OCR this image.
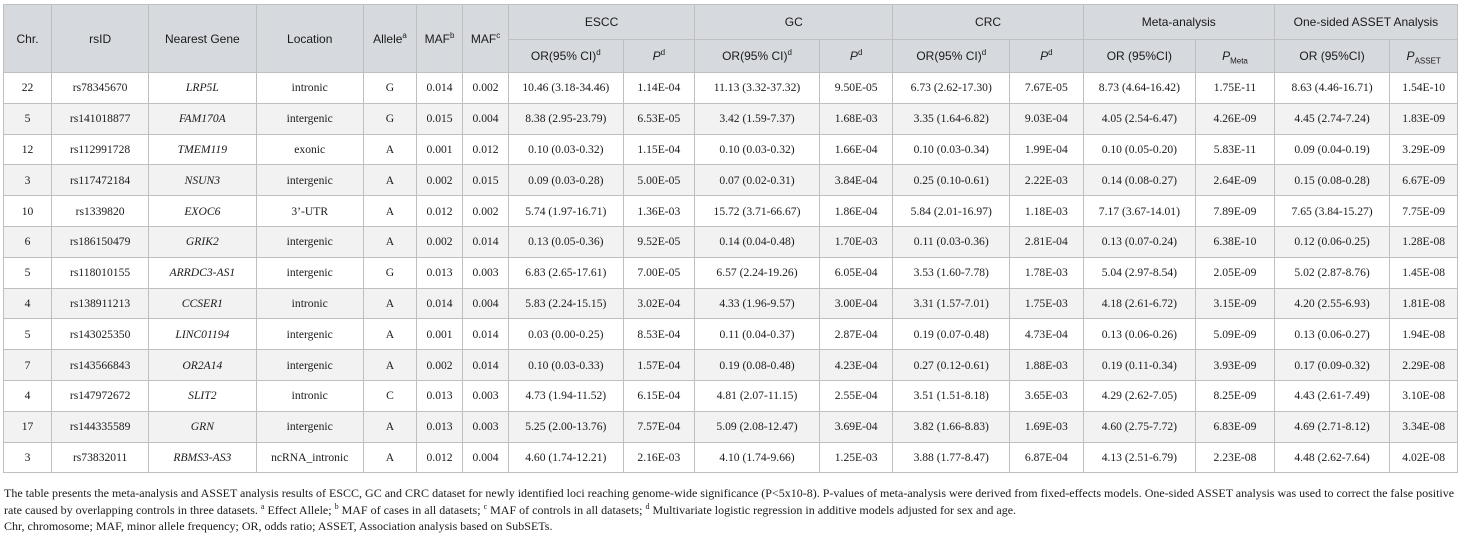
Chr.	rsID	Nearest Gene	Location	Allele$^a$	MAF$^b$	MAF$^c$	ESCC		GC		CRC		Meta-analysis		One-sided ASSET Analysis	
							OR(95% CI)$^d$	$P^d$	OR(95% CI)$^d$	$P^d$	OR(95% CI)$^d$	$P^d$	OR (95%CI)	$P_{Meta}$	OR (95%CI)	$P_{ASSET}$
22	rs78345670	LRP5L	intronic	G	0.014	0.002	10.46 (3.18-34.46)	1.14E-04	11.13 (3.32-37.32)	9.50E-05	6.73 (2.62-17.30)	7.67E-05	8.73 (4.64-16.42)	1.75E-11	8.63 (4.46-16.71)	1.54E-10
5	rs141018877	FAM170A	intergenic	G	0.015	0.004	8.38 (2.95-23.79)	6.53E-05	3.42 (1.59-7.37)	1.68E-03	3.35 (1.64-6.82)	9.03E-04	4.05 (2.54-6.47)	4.26E-09	4.45 (2.74-7.24)	1.83E-09
12	rs112991728	TMEM119	exonic	A	0.001	0.012	0.10 (0.03-0.32)	1.15E-04	0.10 (0.03-0.32)	1.66E-04	0.10 (0.03-0.34)	1.99E-04	0.10 (0.05-0.20)	5.83E-11	0.09 (0.04-0.19)	3.29E-09
3	rs117472184	NSUN3	intergenic	A	0.002	0.015	0.09 (0.03-0.28)	5.00E-05	0.07 (0.02-0.31)	3.84E-04	0.25 (0.10-0.61)	2.22E-03	0.14 (0.08-0.27)	2.64E-09	0.15 (0.08-0.28)	6.67E-09
10	rs1339820	EXOC6	3’-UTR	A	0.012	0.002	5.74 (1.97-16.71)	1.36E-03	15.72 (3.71-66.67)	1.86E-04	5.84 (2.01-16.97)	1.18E-03	7.17 (3.67-14.01)	7.89E-09	7.65 (3.84-15.27)	7.75E-09
6	rs186150479	GRIK2	intergenic	A	0.002	0.014	0.13 (0.05-0.36)	9.52E-05	0.14 (0.04-0.48)	1.70E-03	0.11 (0.03-0.36)	2.81E-04	0.13 (0.07-0.24)	6.38E-10	0.12 (0.06-0.25)	1.28E-08
5	rs118010155	ARRDC3-AS1	intergenic	G	0.013	0.003	6.83 (2.65-17.61)	7.00E-05	6.57 (2.24-19.26)	6.05E-04	3.53 (1.60-7.78)	1.78E-03	5.04 (2.97-8.54)	2.05E-09	5.02 (2.87-8.76)	1.45E-08
4	rs138911213	CCSER1	intronic	A	0.014	0.004	5.83 (2.24-15.15)	3.02E-04	4.33 (1.96-9.57)	3.00E-04	3.31 (1.57-7.01)	1.75E-03	4.18 (2.61-6.72)	3.15E-09	4.20 (2.55-6.93)	1.81E-08
5	rs143025350	LINC01194	intergenic	A	0.001	0.014	0.03 (0.00-0.25)	8.53E-04	0.11 (0.04-0.37)	2.87E-04	0.19 (0.07-0.48)	4.73E-04	0.13 (0.06-0.26)	5.09E-09	0.13 (0.06-0.27)	1.94E-08
7	rs143566843	OR2A14	intergenic	A	0.002	0.014	0.10 (0.03-0.33)	1.57E-04	0.19 (0.08-0.48)	4.23E-04	0.27 (0.12-0.61)	1.88E-03	0.19 (0.11-0.34)	3.93E-09	0.17 (0.09-0.32)	2.29E-08
4	rs147972672	SLIT2	intronic	C	0.013	0.003	4.73 (1.94-11.52)	6.15E-04	4.81 (2.07-11.15)	2.55E-04	3.51 (1.51-8.18)	3.65E-03	4.29 (2.62-7.05)	8.25E-09	4.43 (2.61-7.49)	3.10E-08
17	rs144335589	GRN	intergenic	A	0.013	0.003	5.25 (2.00-13.76)	7.57E-04	5.09 (2.08-12.47)	3.69E-04	3.82 (1.66-8.83)	1.69E-03	4.60 (2.75-7.72)	6.83E-09	4.69 (2.71-8.12)	3.34E-08
3	rs73832011	RBMS3-AS3	ncRNA_intronic	A	0.012	0.004	4.60 (1.74-12.21)	2.16E-03	4.10 (1.74-9.66)	1.25E-03	3.88 (1.77-8.47)	6.87E-04	4.13 (2.51-6.79)	2.23E-08	4.48 (2.62-7.64)	4.02E-08

The table presents the meta-analysis and ASSET analysis results of ESCC, GC and CRC dataset for newly identified loci reaching genome-wide significance (P<5x10-8). P-values of meta-analysis were derived from fixed-effects models. One-sided ASSET analysis was used to correct the false positive rate caused by overlapping controls in three datasets. $^a$ Effect Allele; $^b$ MAF of cases in all datasets; $^c$ MAF of controls in all datasets; $^d$ Multivariate logistic regression in additive models adjusted for sex and age.

Chr, chromosome; MAF, minor allele frequency; OR, odds ratio; ASSET, Association analysis based on SubSETs.
